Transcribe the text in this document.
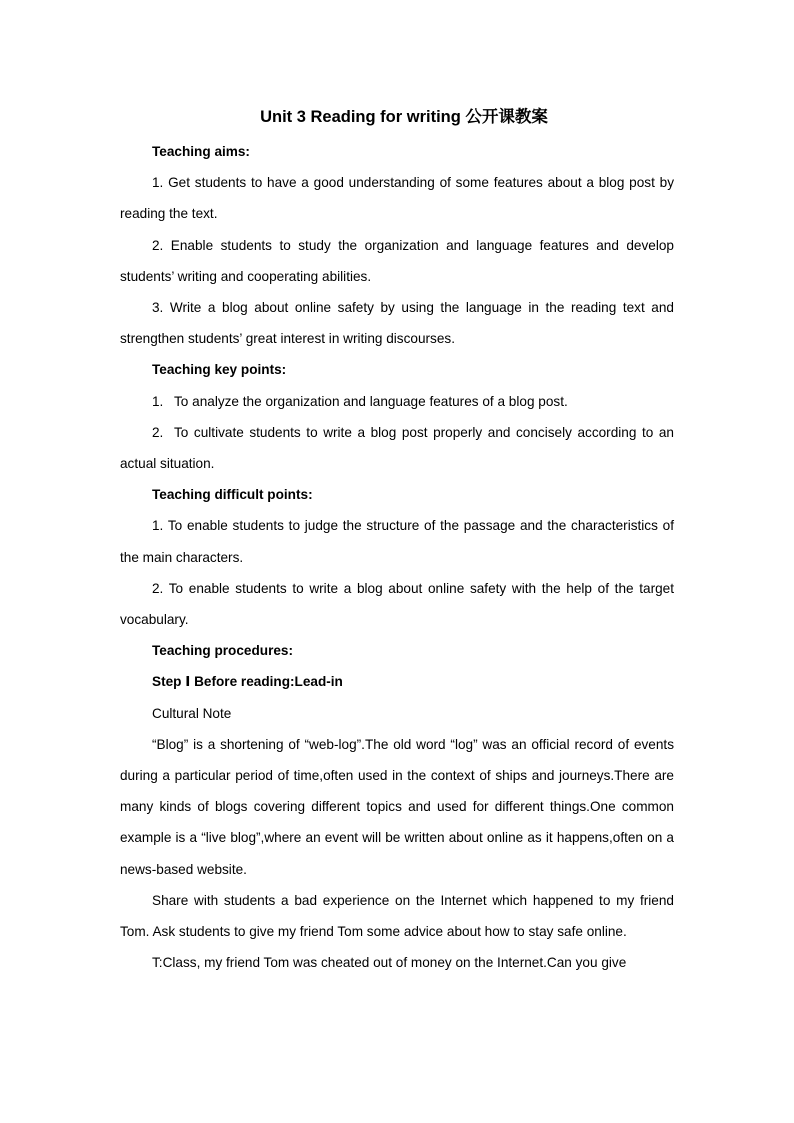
Unit 3 Reading for writing 公开课教案

Teaching aims:

1. Get students to have a good understanding of some features about a blog post by reading the text.

2. Enable students to study the organization and language features and develop students’ writing and cooperating abilities.

3. Write a blog about online safety by using the language in the reading text and strengthen students’ great interest in writing discourses.

Teaching key points:

1. To analyze the organization and language features of a blog post.

2. To cultivate students to write a blog post properly and concisely according to an actual situation.

Teaching difficult points:

1. To enable students to judge the structure of the passage and the characteristics of the main characters.

2. To enable students to write a blog about online safety with the help of the target vocabulary.

Teaching procedures:

Step Ⅰ Before reading:Lead-in

Cultural Note

“Blog” is a shortening of “web-log”.The old word “log” was an official record of events during a particular period of time,often used in the context of ships and journeys.There are many kinds of blogs covering different topics and used for different things.One common example is a “live blog”,where an event will be written about online as it happens,often on a news-based website.

Share with students a bad experience on the Internet which happened to my friend Tom. Ask students to give my friend Tom some advice about how to stay safe online.

T:Class, my friend Tom was cheated out of money on the Internet.Can you give
